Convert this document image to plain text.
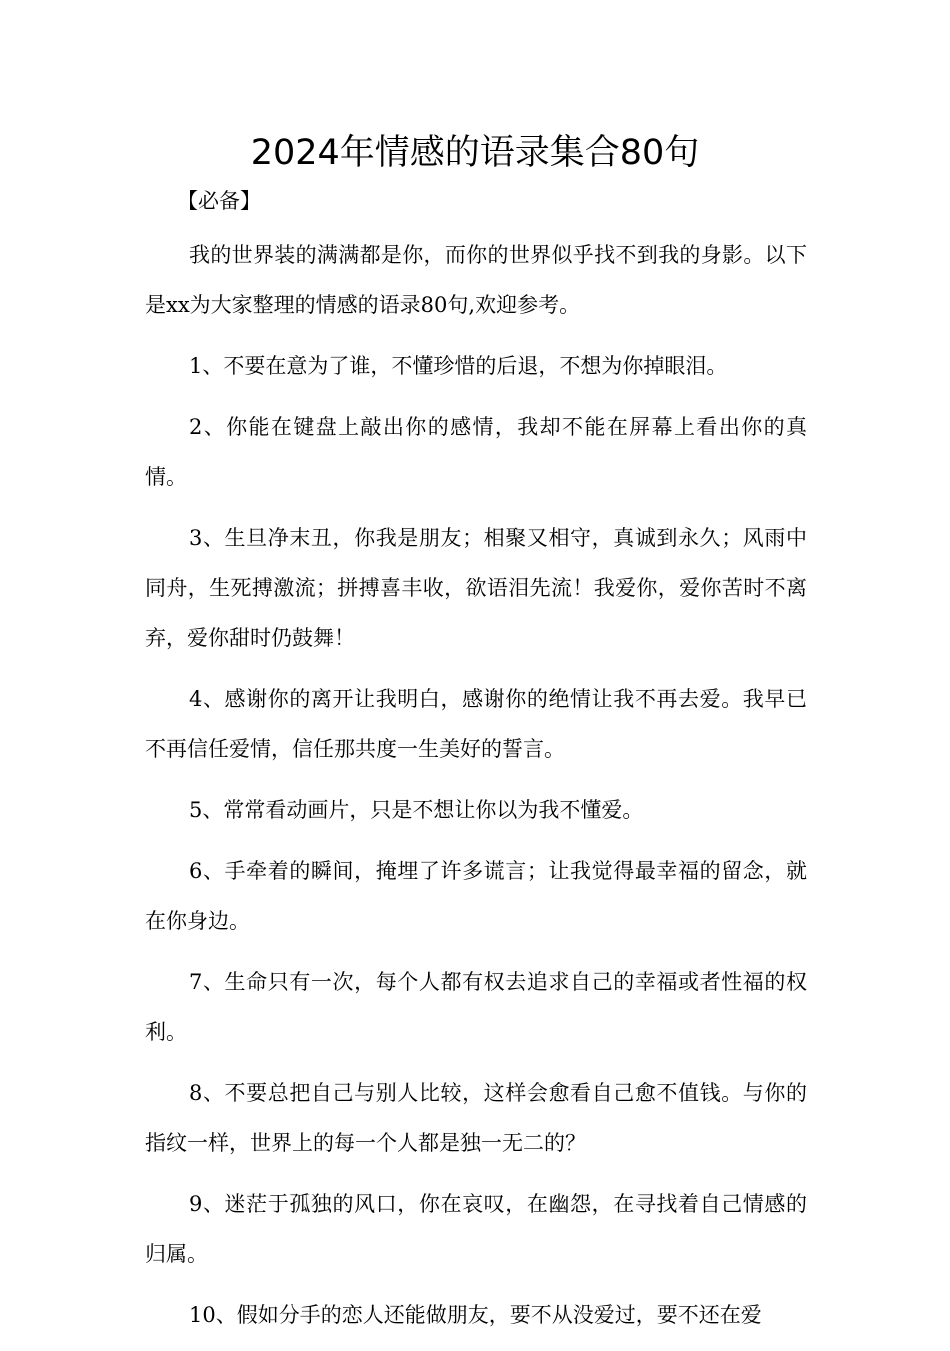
2024年情感的语录集合80句
【必备】

我的世界装的满满都是你，而你的世界似乎找不到我的身影。以下是xx为大家整理的情感的语录80句,欢迎参考。

1、不要在意为了谁，不懂珍惜的后退，不想为你掉眼泪。

2、你能在键盘上敲出你的感情，我却不能在屏幕上看出你的真情。

3、生旦净末丑，你我是朋友；相聚又相守，真诚到永久；风雨中同舟，生死搏激流；拼搏喜丰收，欲语泪先流！我爱你，爱你苦时不离弃，爱你甜时仍鼓舞！

4、感谢你的离开让我明白，感谢你的绝情让我不再去爱。我早已不再信任爱情，信任那共度一生美好的誓言。

5、常常看动画片，只是不想让你以为我不懂爱。

6、手牵着的瞬间，掩埋了许多谎言；让我觉得最幸福的留念，就在你身边。

7、生命只有一次，每个人都有权去追求自己的幸福或者性福的权利。

8、不要总把自己与别人比较，这样会愈看自己愈不值钱。与你的指纹一样，世界上的每一个人都是独一无二的？

9、迷茫于孤独的风口，你在哀叹，在幽怨，在寻找着自己情感的归属。

10、假如分手的恋人还能做朋友，要不从没爱过，要不还在爱
